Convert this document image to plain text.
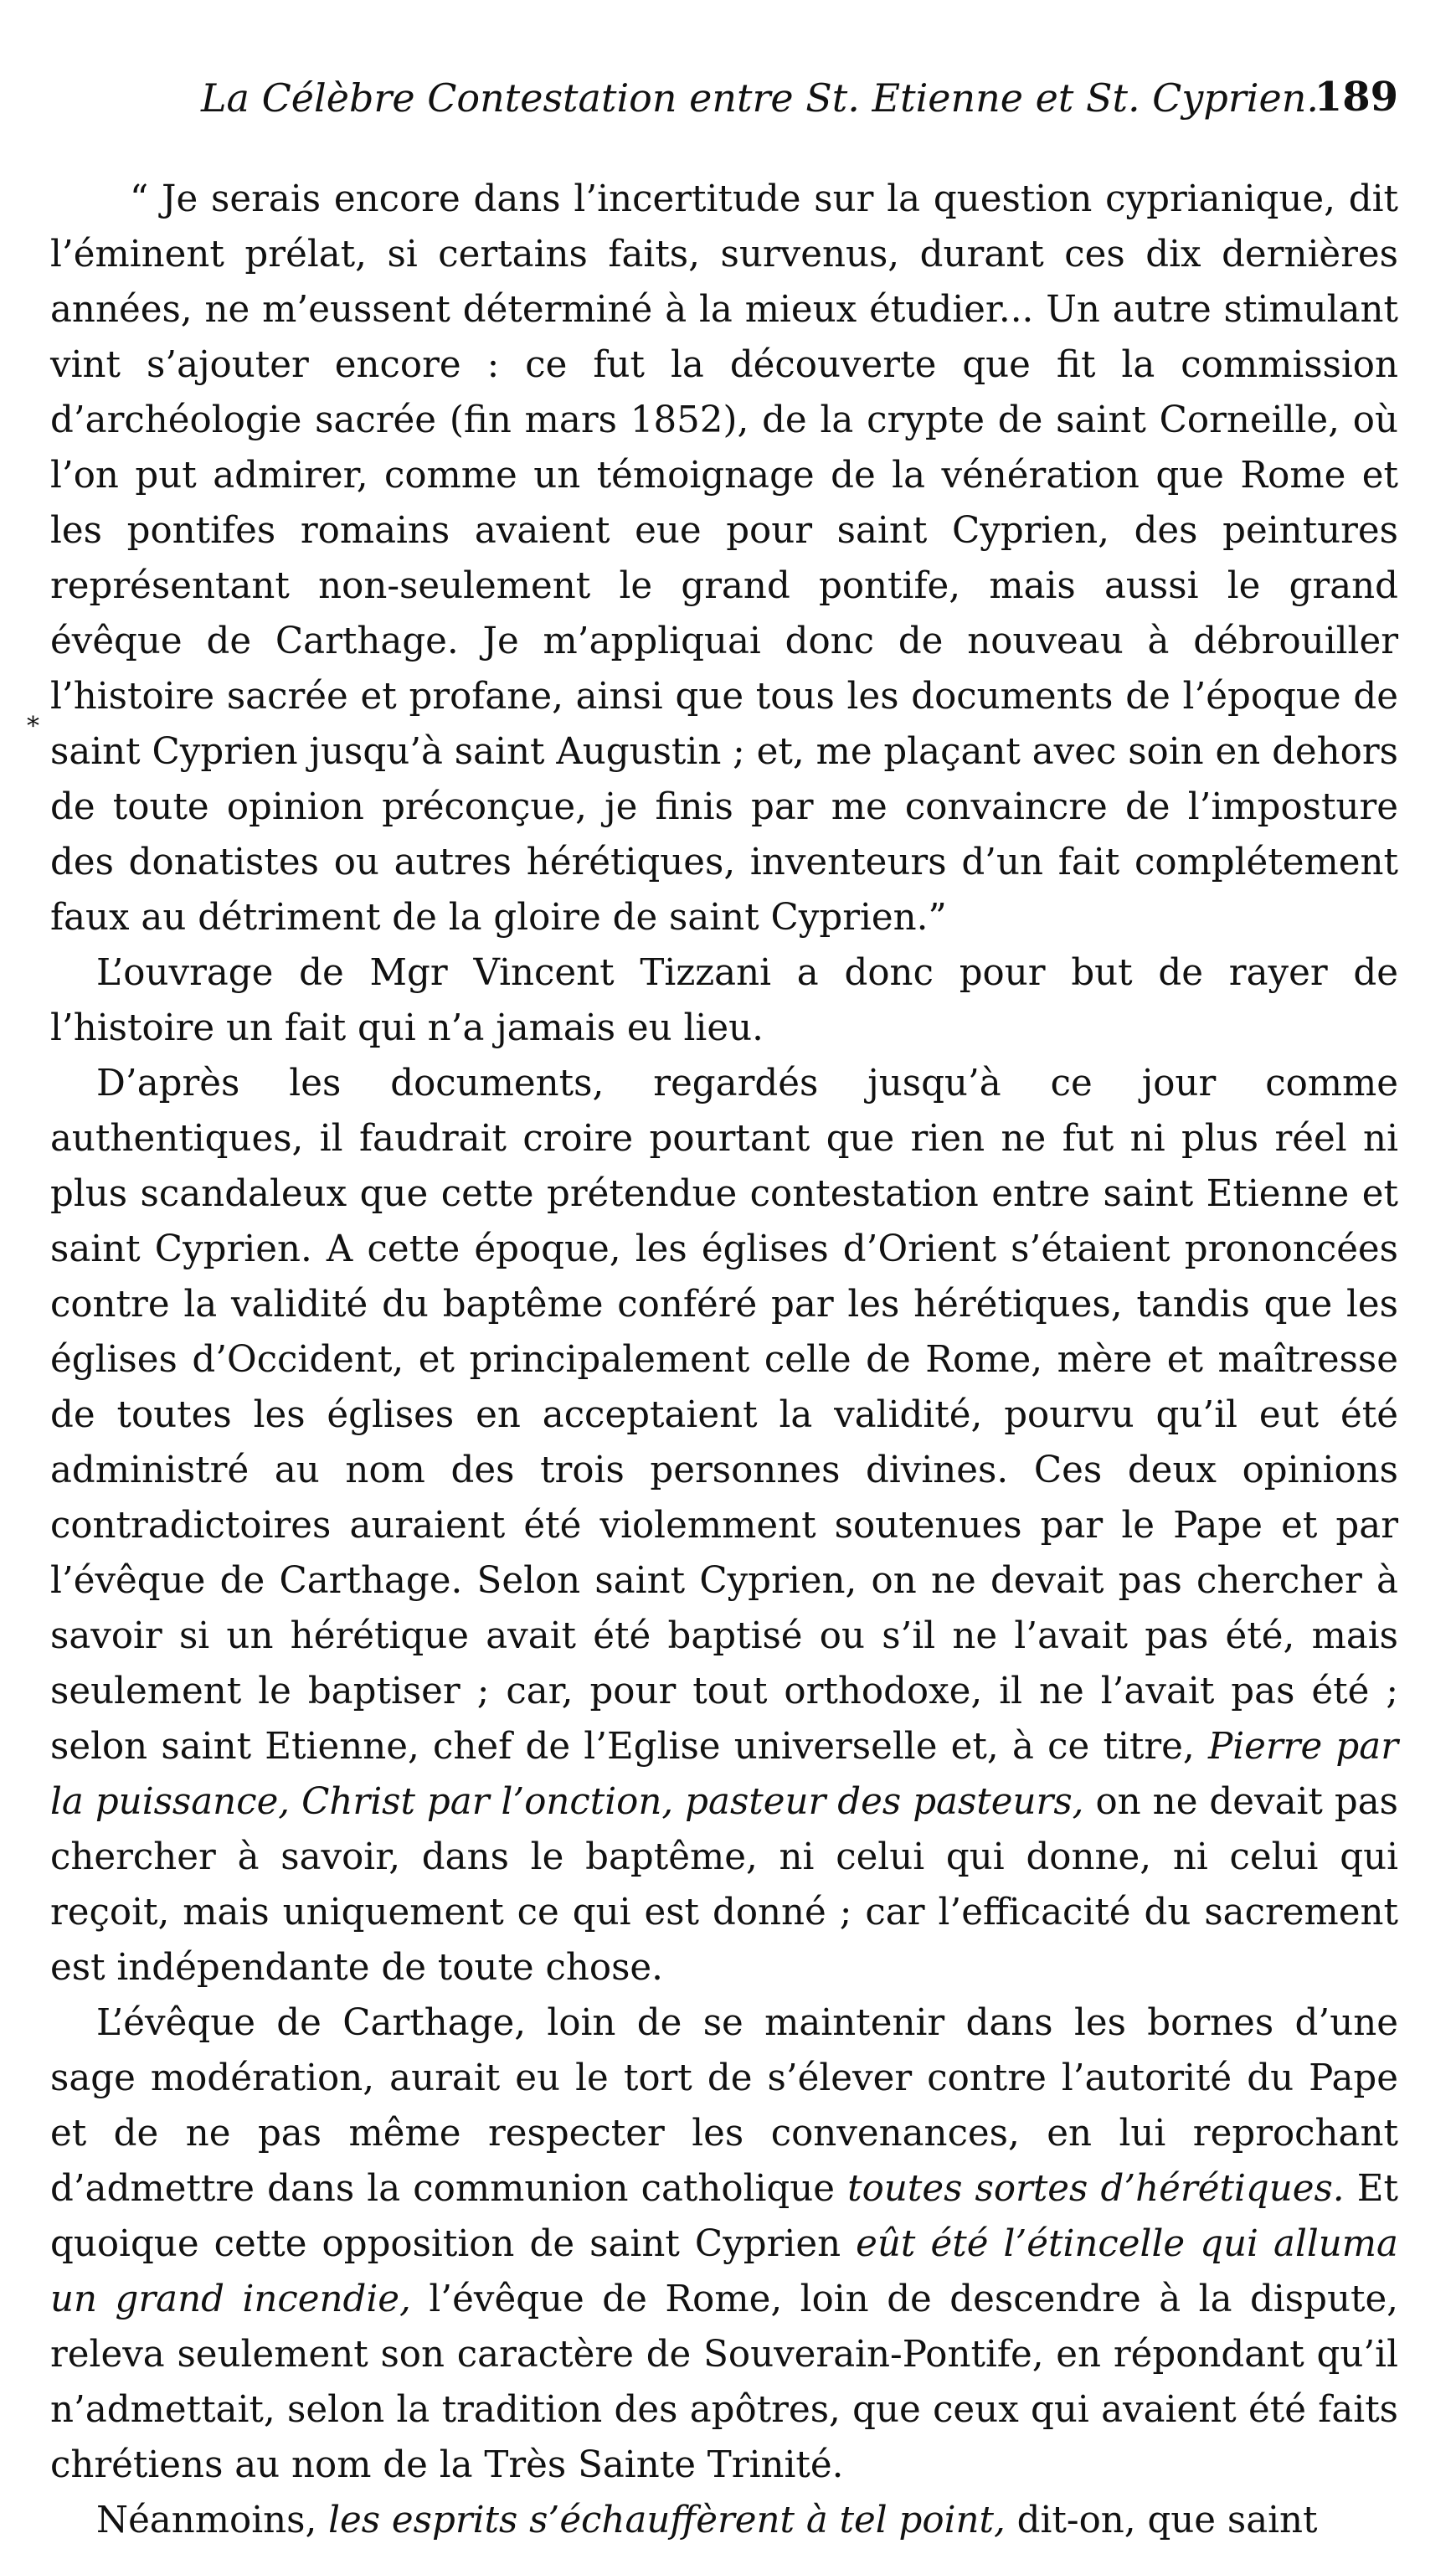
La Célèbre Contestation entre St. Etienne et St. Cyprien.
189
*

“ Je serais encore dans l’incertitude sur la question cyprianique, dit l’éminent prélat, si certains faits, survenus, durant ces dix dernières années, ne m’eussent déterminé à la mieux étudier... Un autre stimulant vint s’ajouter encore : ce fut la découverte que fit la commission d’archéologie sacrée (fin mars 1852), de la crypte de saint Corneille, où l’on put admirer, comme un témoignage de la vénération que Rome et les pontifes romains avaient eue pour saint Cyprien, des peintures représentant non-seulement le grand pontife, mais aussi le grand évêque de Carthage. Je m’appliquai donc de nouveau à débrouiller l’histoire sacrée et profane, ainsi que tous les documents de l’époque de saint Cyprien jusqu’à saint Augustin ; et, me plaçant avec soin en dehors de toute opinion préconçue, je finis par me convaincre de l’imposture des donatistes ou autres hérétiques, inventeurs d’un fait complétement faux au détriment de la gloire de saint Cyprien.”

L’ouvrage de Mgr Vincent Tizzani a donc pour but de rayer de l’histoire un fait qui n’a jamais eu lieu.

D’après les documents, regardés jusqu’à ce jour comme authentiques, il faudrait croire pourtant que rien ne fut ni plus réel ni plus scandaleux que cette prétendue contestation entre saint Etienne et saint Cyprien. A cette époque, les églises d’Orient s’étaient prononcées contre la validité du baptême conféré par les hérétiques, tandis que les églises d’Occident, et principalement celle de Rome, mère et maîtresse de toutes les églises en acceptaient la validité, pourvu qu’il eut été administré au nom des trois personnes divines. Ces deux opinions contradictoires auraient été violemment soutenues par le Pape et par l’évêque de Carthage. Selon saint Cyprien, on ne devait pas chercher à savoir si un hérétique avait été baptisé ou s’il ne l’avait pas été, mais seulement le baptiser ; car, pour tout orthodoxe, il ne l’avait pas été ; selon saint Etienne, chef de l’Eglise universelle et, à ce titre, Pierre par la puissance, Christ par l’onction, pasteur des pasteurs, on ne devait pas chercher à savoir, dans le baptême, ni celui qui donne, ni celui qui reçoit, mais uniquement ce qui est donné ; car l’efficacité du sacrement est indépendante de toute chose.

L’évêque de Carthage, loin de se maintenir dans les bornes d’une sage modération, aurait eu le tort de s’élever contre l’autorité du Pape et de ne pas même respecter les convenances, en lui reprochant d’admettre dans la communion catholique toutes sortes d’hérétiques. Et quoique cette opposition de saint Cyprien eût été l’étincelle qui alluma un grand incendie, l’évêque de Rome, loin de descendre à la dispute, releva seulement son caractère de Souverain-Pontife, en répondant qu’il n’admettait, selon la tradition des apôtres, que ceux qui avaient été faits chrétiens au nom de la Très Sainte Trinité.

Néanmoins, les esprits s’échauffèrent à tel point, dit-on, que saint
